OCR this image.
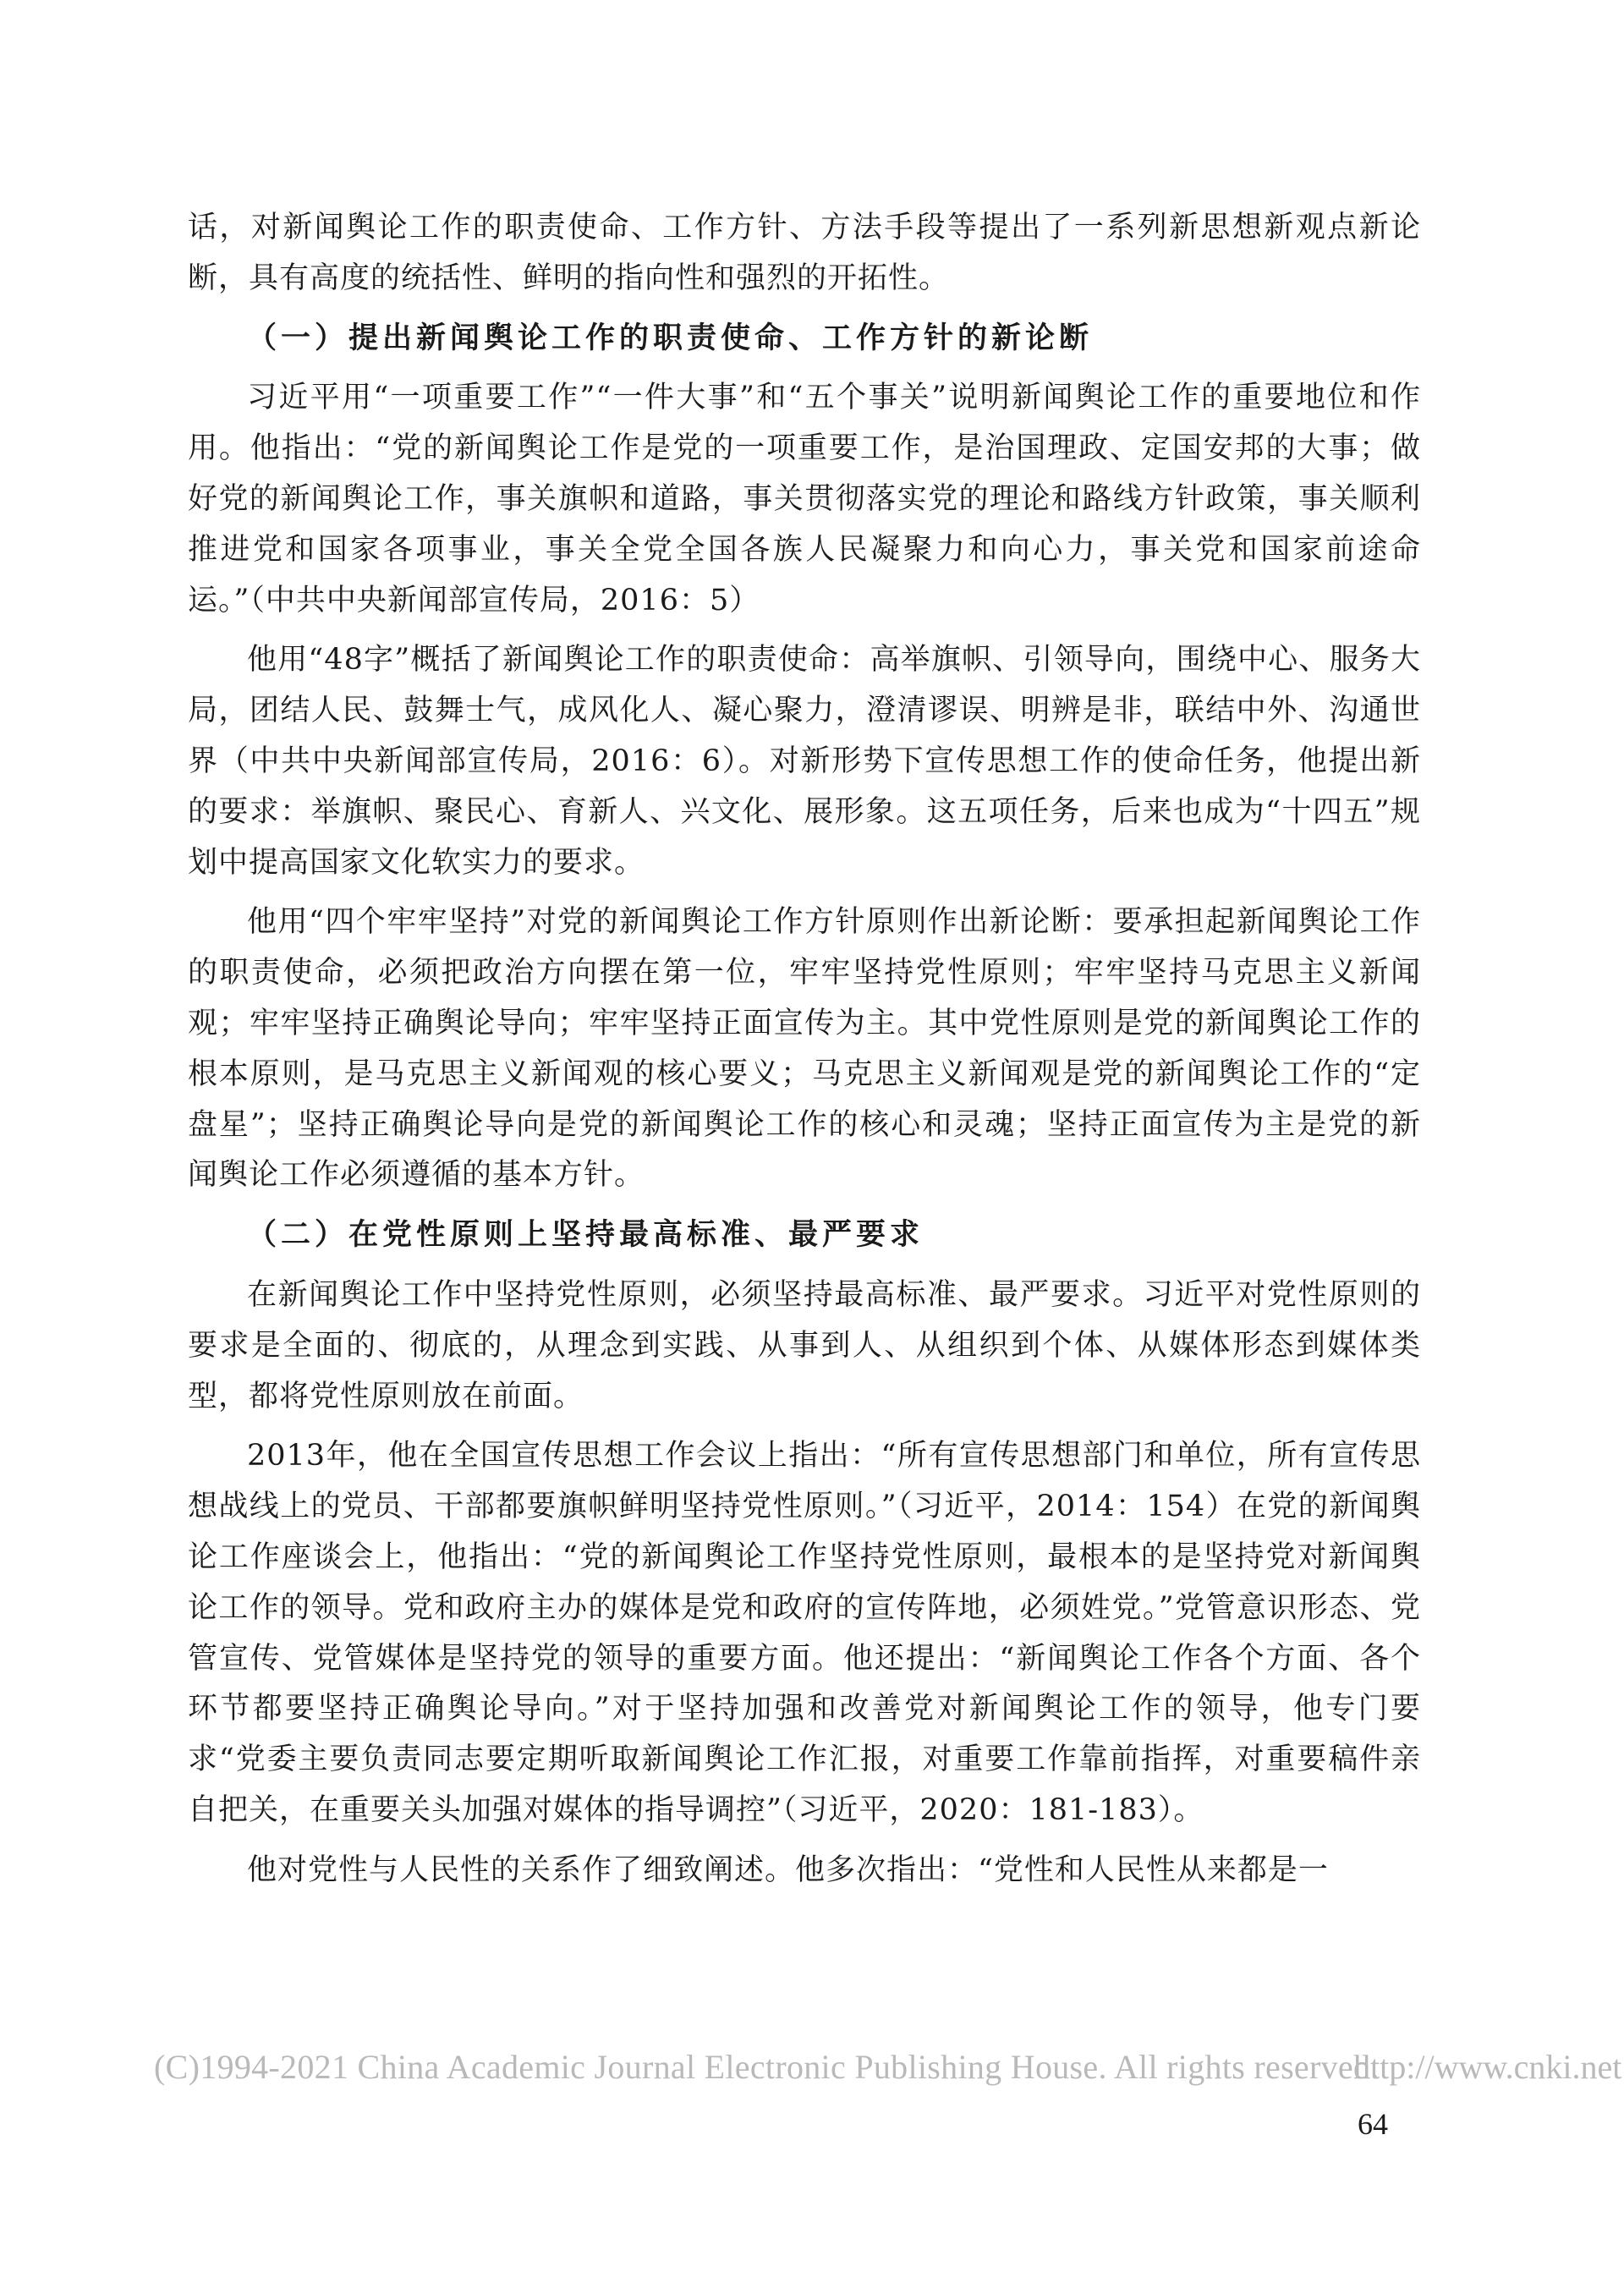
话，对新闻舆论工作的职责使命、工作方针、方法手段等提出了一系列新思想新观点新论断，具有高度的统括性、鲜明的指向性和强烈的开拓性。

（一）提出新闻舆论工作的职责使命、工作方针的新论断

习近平用“一项重要工作”“一件大事”和“五个事关”说明新闻舆论工作的重要地位和作用。他指出：“党的新闻舆论工作是党的一项重要工作，是治国理政、定国安邦的大事；做好党的新闻舆论工作，事关旗帜和道路，事关贯彻落实党的理论和路线方针政策，事关顺利推进党和国家各项事业，事关全党全国各族人民凝聚力和向心力，事关党和国家前途命运。”（中共中央新闻部宣传局，2016：5）

他用“48字”概括了新闻舆论工作的职责使命：高举旗帜、引领导向，围绕中心、服务大局，团结人民、鼓舞士气，成风化人、凝心聚力，澄清谬误、明辨是非，联结中外、沟通世界（中共中央新闻部宣传局，2016：6）。对新形势下宣传思想工作的使命任务，他提出新的要求：举旗帜、聚民心、育新人、兴文化、展形象。这五项任务，后来也成为“十四五”规划中提高国家文化软实力的要求。

他用“四个牢牢坚持”对党的新闻舆论工作方针原则作出新论断：要承担起新闻舆论工作的职责使命，必须把政治方向摆在第一位，牢牢坚持党性原则；牢牢坚持马克思主义新闻观；牢牢坚持正确舆论导向；牢牢坚持正面宣传为主。其中党性原则是党的新闻舆论工作的根本原则，是马克思主义新闻观的核心要义；马克思主义新闻观是党的新闻舆论工作的“定盘星”；坚持正确舆论导向是党的新闻舆论工作的核心和灵魂；坚持正面宣传为主是党的新闻舆论工作必须遵循的基本方针。

（二）在党性原则上坚持最高标准、最严要求

在新闻舆论工作中坚持党性原则，必须坚持最高标准、最严要求。习近平对党性原则的要求是全面的、彻底的，从理念到实践、从事到人、从组织到个体、从媒体形态到媒体类型，都将党性原则放在前面。

2013年，他在全国宣传思想工作会议上指出：“所有宣传思想部门和单位，所有宣传思想战线上的党员、干部都要旗帜鲜明坚持党性原则。”（习近平，2014：154）在党的新闻舆论工作座谈会上，他指出：“党的新闻舆论工作坚持党性原则，最根本的是坚持党对新闻舆论工作的领导。党和政府主办的媒体是党和政府的宣传阵地，必须姓党。”党管意识形态、党管宣传、党管媒体是坚持党的领导的重要方面。他还提出：“新闻舆论工作各个方面、各个环节都要坚持正确舆论导向。”对于坚持加强和改善党对新闻舆论工作的领导，他专门要求“党委主要负责同志要定期听取新闻舆论工作汇报，对重要工作靠前指挥，对重要稿件亲自把关，在重要关头加强对媒体的指导调控”（习近平，2020：181-183）。

他对党性与人民性的关系作了细致阐述。他多次指出：“党性和人民性从来都是一

(C)1994-2021 China Academic Journal Electronic Publishing House. All rights reserved.
http://www.cnki.net
64
